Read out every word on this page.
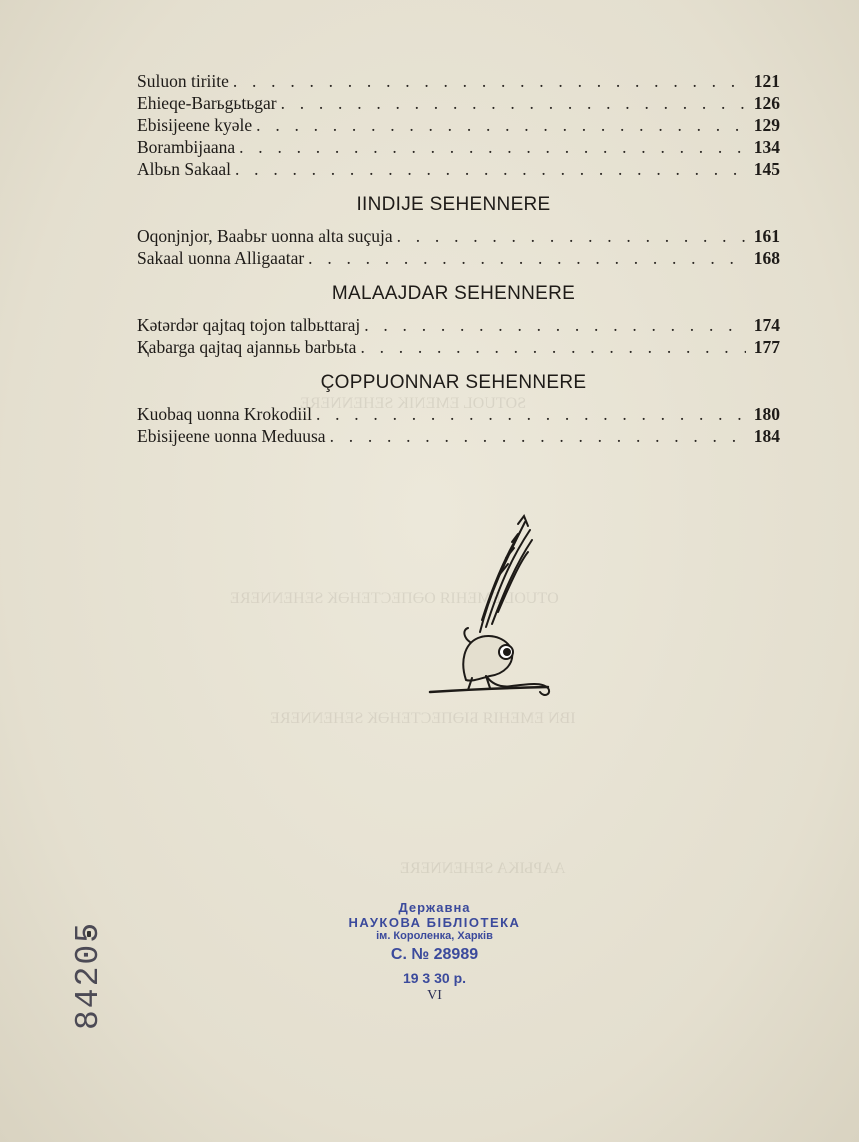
SOTUOL EMENIK SEHENNERE
OTUOL EMEHIЯ OӘПЕСТЕНӘК SEHENNERE
IBN EMEHIЯ БІӘПЕСТЕНӘК SEHENNERE
AAPЫKA SEHENNERE
Suluon tiriite . . .	121
Ehieqe-Barьgьtьgar . . .	126
Ebisijeene kyәle . . .	129
Borambijaana . . .	134
Albьn Sakaal . . .	145
IINDIJE SEHENNERE
Oqonjnjor, Baabьr uonna alta suçuja . . .	161
Sakaal uonna Alligaatar . . .	168
MALAAJDAR SEHENNERE
Kәtәrdәr qajtaq tojon talbьttaraj . . .	174
Қabarga qajtaq ajannьь barbьta . . .	177
ÇOPPUONNAR SEHENNERE
Kuobaq uonna Krokodiil . . .	180
Ebisijeene uonna Meduusa . . .	184
Державна
НАУКОВА БІБЛІОТЕКА
ім. Короленка, Харків
С. № 28989
19 3 30 р.
VI
84205
